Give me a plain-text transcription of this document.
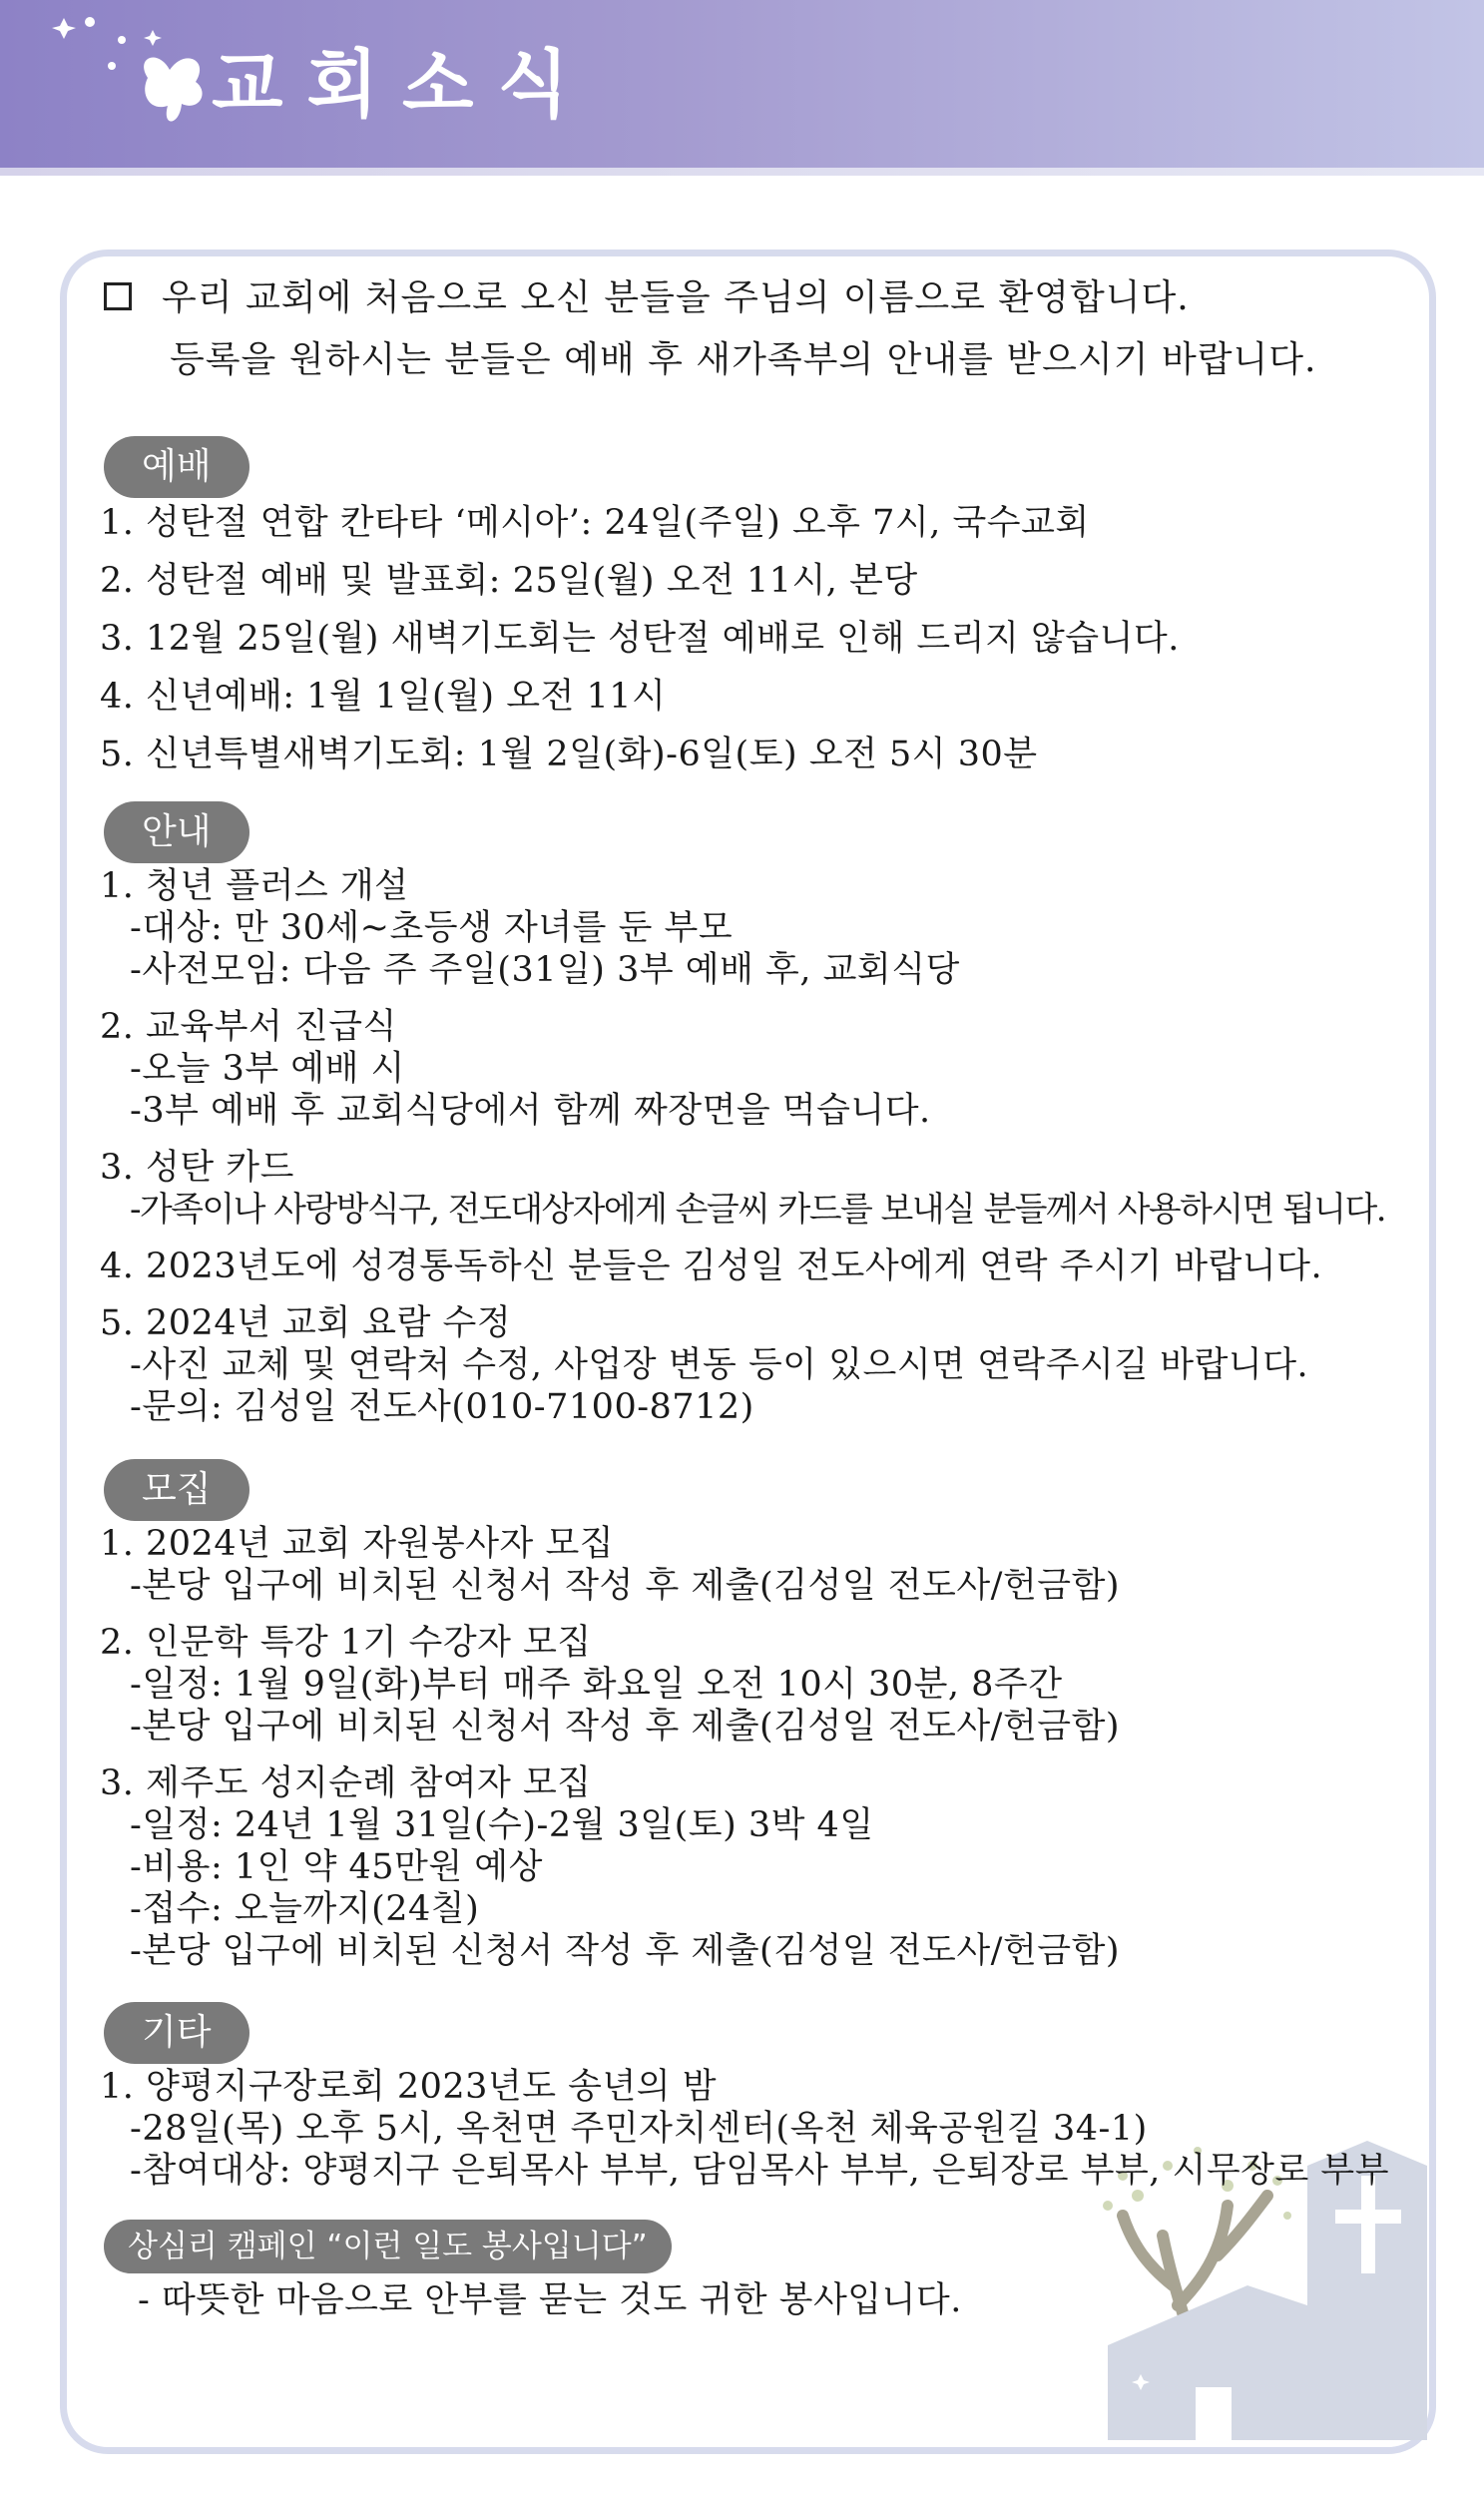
교회소식
우리 교회에 처음으로 오신 분들을 주님의 이름으로 환영합니다.
등록을 원하시는 분들은 예배 후 새가족부의 안내를 받으시기 바랍니다.
예배
1. 성탄절 연합 칸타타 ‘메시아’: 24일(주일) 오후 7시, 국수교회
2. 성탄절 예배 및 발표회: 25일(월) 오전 11시, 본당
3. 12월 25일(월) 새벽기도회는 성탄절 예배로 인해 드리지 않습니다.
4. 신년예배: 1월 1일(월) 오전 11시
5. 신년특별새벽기도회: 1월 2일(화)-6일(토) 오전 5시 30분
안내
1. 청년 플러스 개설
-대상: 만 30세~초등생 자녀를 둔 부모
-사전모임: 다음 주 주일(31일) 3부 예배 후, 교회식당
2. 교육부서 진급식
-오늘 3부 예배 시
-3부 예배 후 교회식당에서 함께 짜장면을 먹습니다.
3. 성탄 카드
-가족이나 사랑방식구, 전도대상자에게 손글씨 카드를 보내실 분들께서 사용하시면 됩니다.
4. 2023년도에 성경통독하신 분들은 김성일 전도사에게 연락 주시기 바랍니다.
5. 2024년 교회 요람 수정
-사진 교체 및 연락처 수정, 사업장 변동 등이 있으시면 연락주시길 바랍니다.
-문의: 김성일 전도사(010-7100-8712)
모집
1. 2024년 교회 자원봉사자 모집
-본당 입구에 비치된 신청서 작성 후 제출(김성일 전도사/헌금함)
2. 인문학 특강 1기 수강자 모집
-일정: 1월 9일(화)부터 매주 화요일 오전 10시 30분, 8주간
-본당 입구에 비치된 신청서 작성 후 제출(김성일 전도사/헌금함)
3. 제주도 성지순례 참여자 모집
-일정: 24년 1월 31일(수)-2월 3일(토) 3박 4일
-비용: 1인 약 45만원 예상
-접수: 오늘까지(24칠)
-본당 입구에 비치된 신청서 작성 후 제출(김성일 전도사/헌금함)
기타
1. 양평지구장로회 2023년도 송년의 밤
-28일(목) 오후 5시, 옥천면 주민자치센터(옥천 체육공원길 34-1)
-참여대상: 양평지구 은퇴목사 부부, 담임목사 부부, 은퇴장로 부부, 시무장로 부부
상심리 캠페인 “이런 일도 봉사입니다”
- 따뜻한 마음으로 안부를 묻는 것도 귀한 봉사입니다.
